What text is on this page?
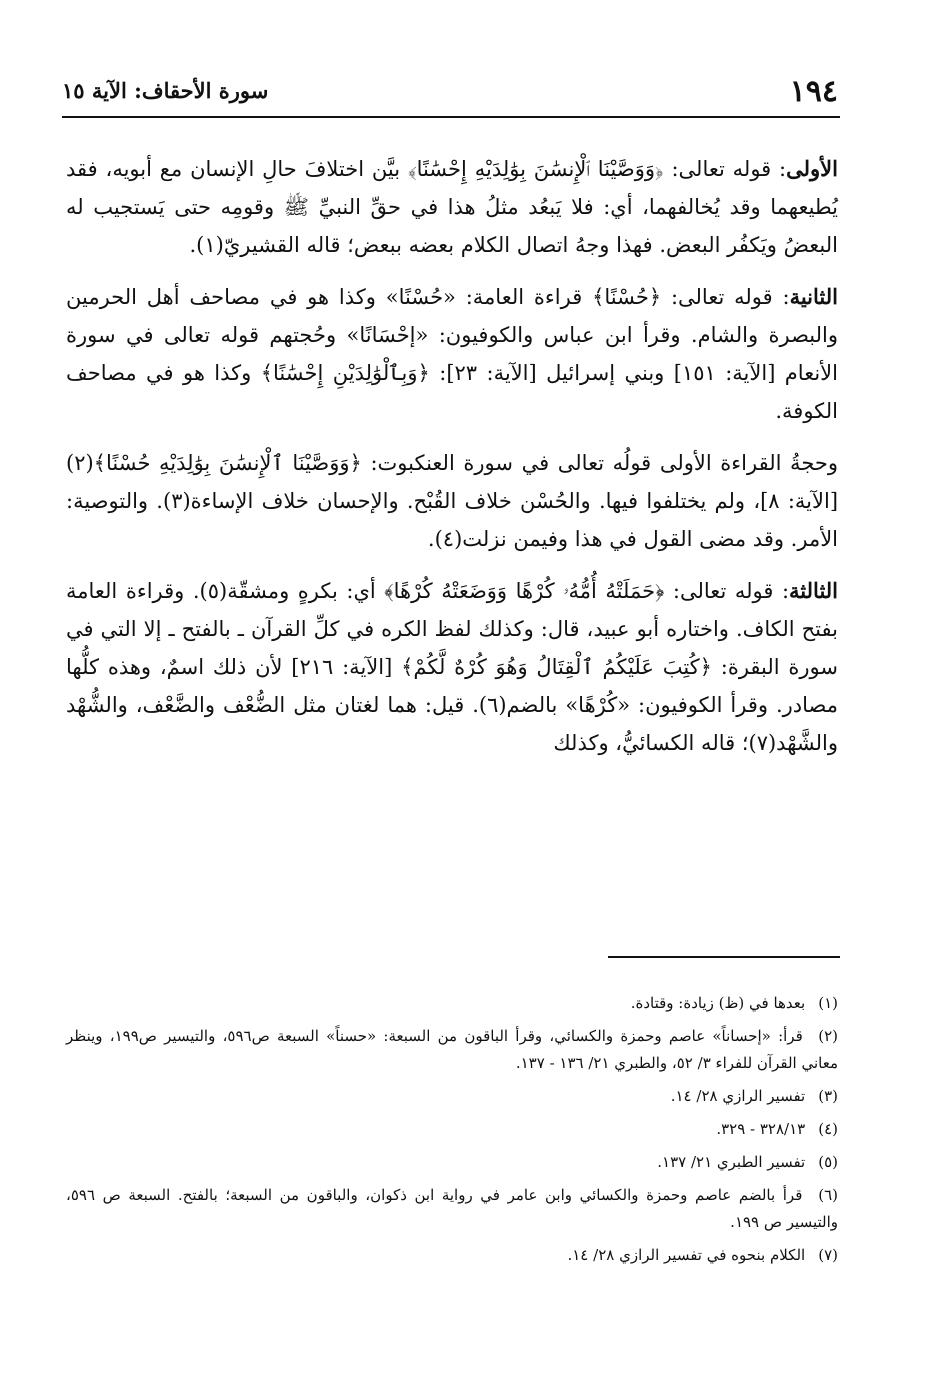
١٩٤
سورة الأحقاف: الآية ١٥

الأولى: قوله تعالى: ﴿وَوَصَّيْنَا ٱلْإِنسَٰنَ بِوَٰلِدَيْهِ إِحْسَٰنًا﴾ بيَّن اختلافَ حالِ الإنسان مع أبويه، فقد يُطيعهما وقد يُخالفهما، أي: فلا يَبعُد مثلُ هذا في حقِّ النبيِّ ﷺ وقومِه حتى يَستجيب له البعضُ ويَكفُر البعض. فهذا وجهُ اتصال الكلام بعضه ببعض؛ قاله القشيريّ(١).

الثانية: قوله تعالى: ﴿حُسْنًا﴾ قراءة العامة: «حُسْنًا» وكذا هو في مصاحف أهل الحرمين والبصرة والشام. وقرأ ابن عباس والكوفيون: «إحْسَانًا» وحُجتهم قوله تعالى في سورة الأنعام [الآية: ١٥١] وبني إسرائيل [الآية: ٢٣]: ﴿وَبِٱلْوَٰلِدَيْنِ إِحْسَٰنًا﴾ وكذا هو في مصاحف الكوفة.

وحجةُ القراءة الأولى قولُه تعالى في سورة العنكبوت: ﴿وَوَصَّيْنَا ٱلْإِنسَٰنَ بِوَٰلِدَيْهِ حُسْنًا﴾(٢) [الآية: ٨]، ولم يختلفوا فيها. والحُسْن خلاف القُبْح. والإحسان خلاف الإساءة(٣). والتوصية: الأمر. وقد مضى القول في هذا وفيمن نزلت(٤).

الثالثة: قوله تعالى: ﴿حَمَلَتْهُ أُمُّهُۥ كُرْهًا وَوَضَعَتْهُ كُرْهًا﴾ أي: بكرهٍ ومشقّة(٥). وقراءة العامة بفتح الكاف. واختاره أبو عبيد، قال: وكذلك لفظ الكره في كلِّ القرآن ـ بالفتح ـ إلا التي في سورة البقرة: ﴿كُتِبَ عَلَيْكُمُ ٱلْقِتَالُ وَهُوَ كُرْهٌ لَّكُمْ﴾ [الآية: ٢١٦] لأن ذلك اسمٌ، وهذه كلُّها مصادر. وقرأ الكوفيون: «كُرْهًا» بالضم(٦). قيل: هما لغتان مثل الضُّعْف والضَّعْف، والشُّهْد والشَّهْد(٧)؛ قاله الكسائيُّ، وكذلك

(١) بعدها في (ظ) زيادة: وقتادة.

(٢) قرأ: «إحساناً» عاصم وحمزة والكسائي، وقرأ الباقون من السبعة: «حسناً» السبعة ص٥٩٦، والتيسير ص١٩٩، وينظر معاني القرآن للفراء ٣/ ٥٢، والطبري ٢١/ ١٣٦ - ١٣٧.

(٣) تفسير الرازي ٢٨/ ١٤.

(٤) ٣٢٨/١٣ - ٣٢٩.

(٥) تفسير الطبري ٢١/ ١٣٧.

(٦) قرأ بالضم عاصم وحمزة والكسائي وابن عامر في رواية ابن ذكوان، والباقون من السبعة؛ بالفتح. السبعة ص ٥٩٦، والتيسير ص ١٩٩.

(٧) الكلام بنحوه في تفسير الرازي ٢٨/ ١٤.
